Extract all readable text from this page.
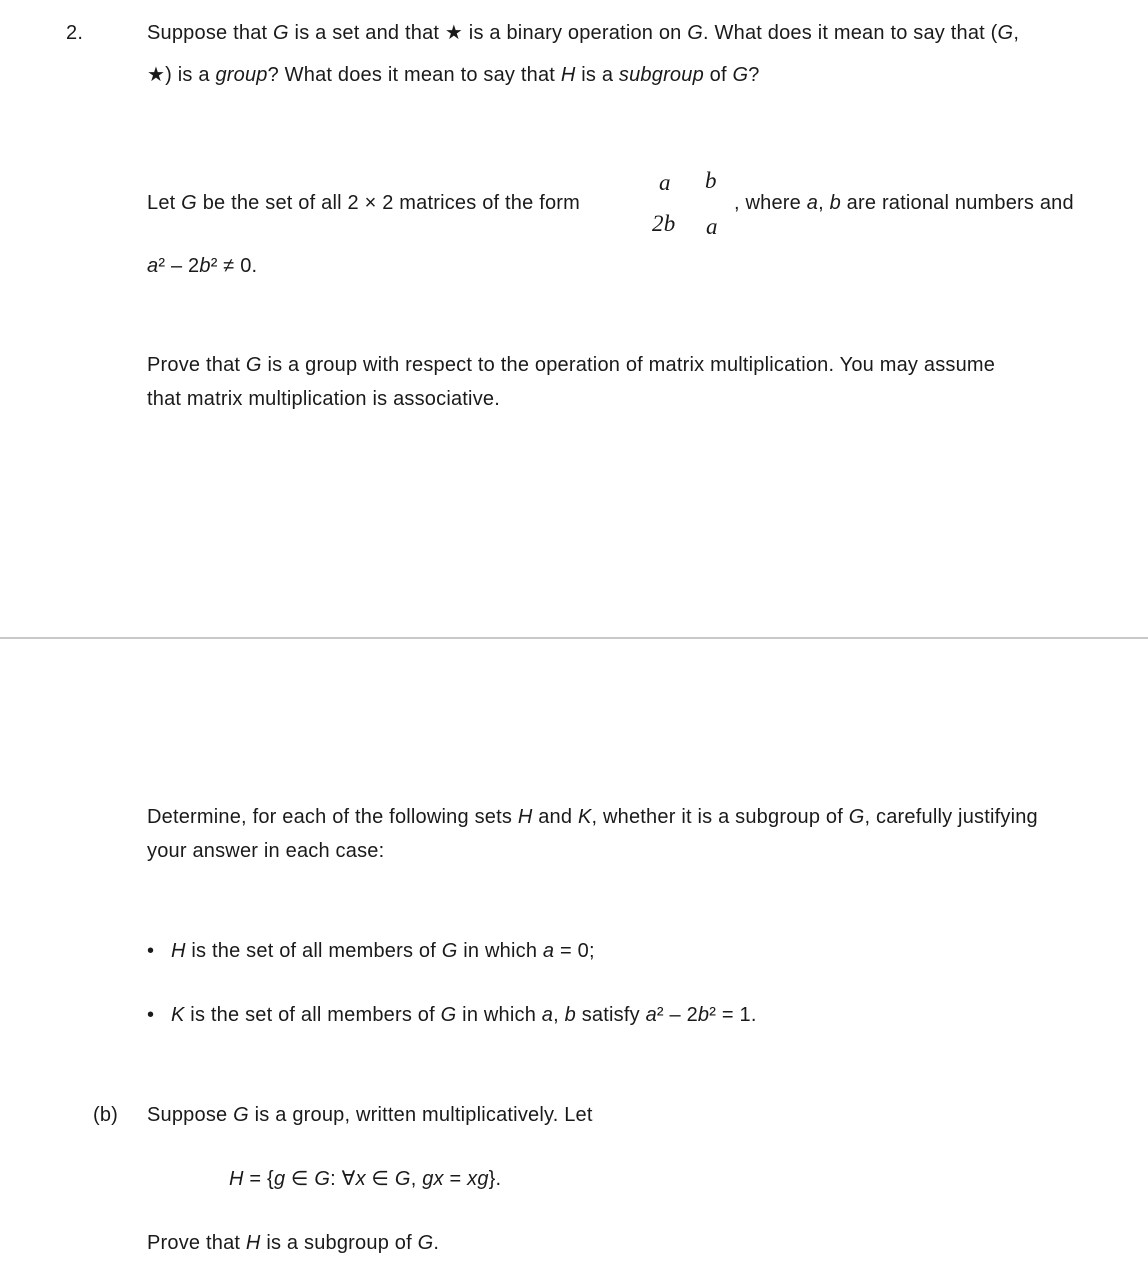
2.	Suppose that G is a set and that ★ is a binary operation on G. What does it mean to say that (G,
★) is a group? What does it mean to say that H is a subgroup of G?
Let G be the set of all 2 × 2 matrices of the form
a b
2b a
, where a, b are rational numbers and
a² – 2b² ≠ 0.
Prove that G is a group with respect to the operation of matrix multiplication. You may assume
that matrix multiplication is associative.
Determine, for each of the following sets H and K, whether it is a subgroup of G, carefully justifying
your answer in each case:
• H is the set of all members of G in which a = 0;
• K is the set of all members of G in which a, b satisfy a² – 2b² = 1.
(b) Suppose G is a group, written multiplicatively. Let
H = {g ∈ G: ∀x ∈ G, gx = xg}.
Prove that H is a subgroup of G.
